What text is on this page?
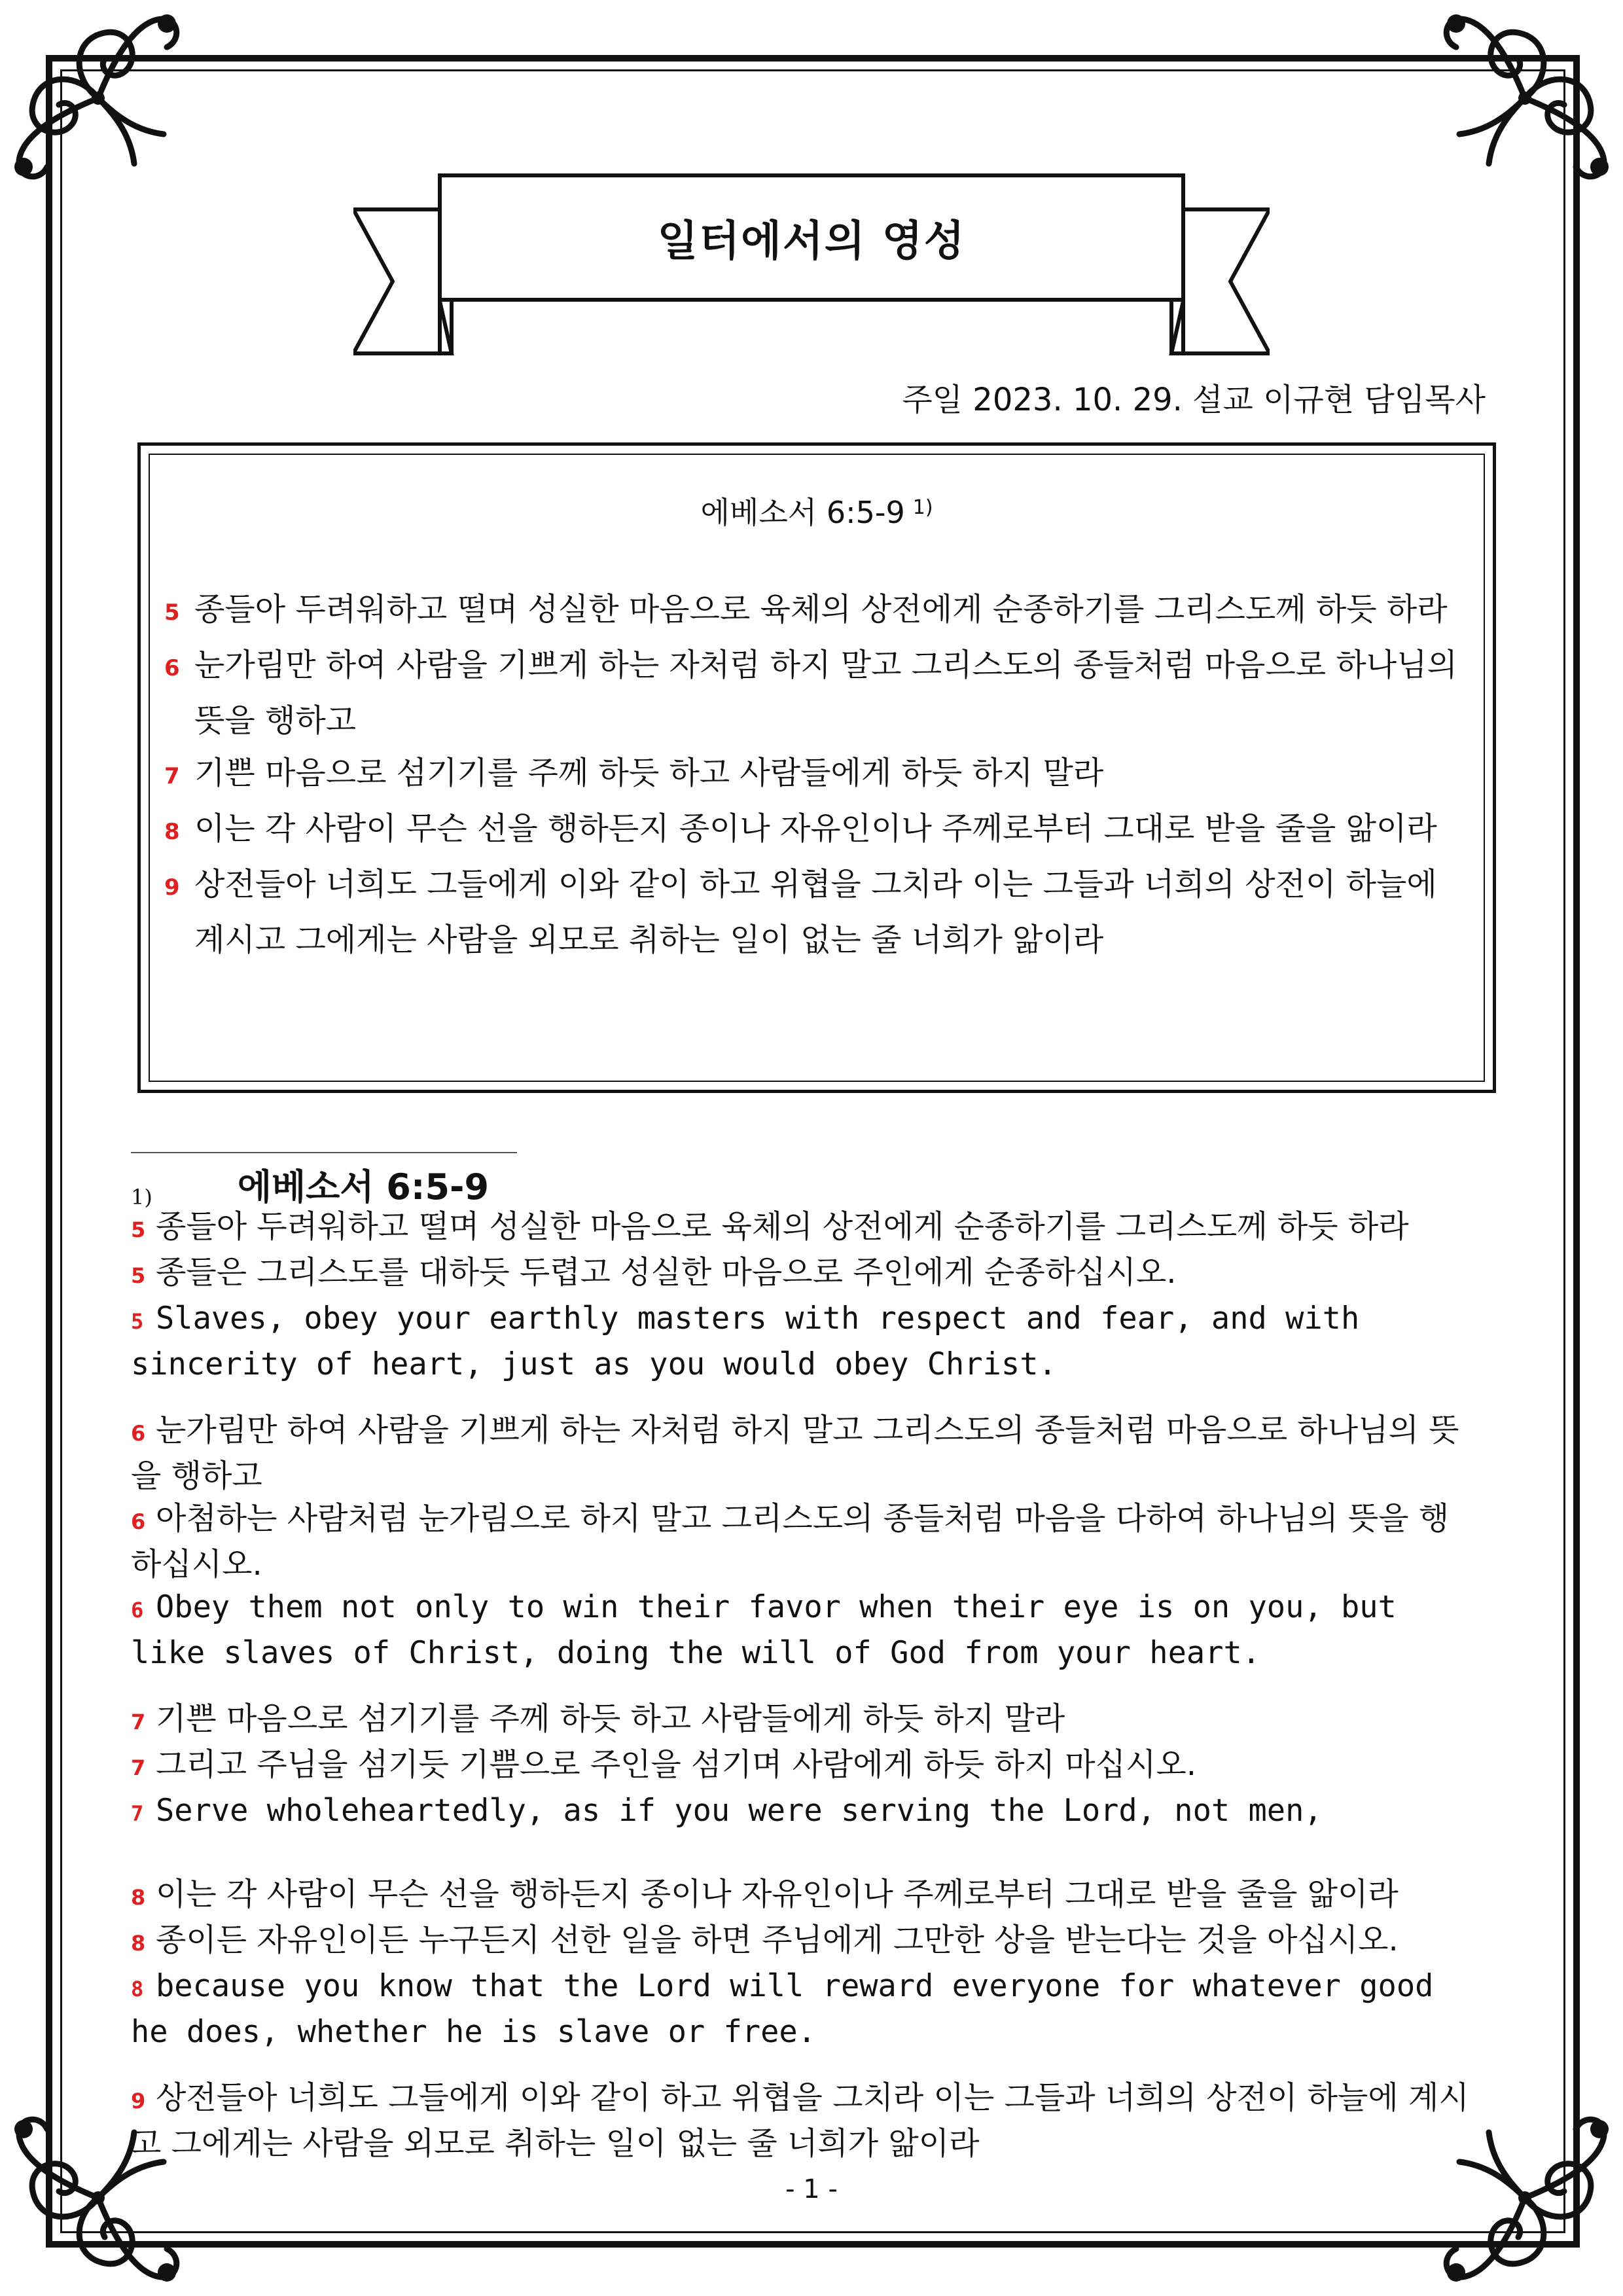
일터에서의 영성
주일 2023. 10. 29. 설교 이규현 담임목사
에베소서 6:5-9 $^{1)}$
5 종들아 두려워하고 떨며 성실한 마음으로 육체의 상전에게 순종하기를 그리스도께 하듯 하라
6 눈가림만 하여 사람을 기쁘게 하는 자처럼 하지 말고 그리스도의 종들처럼 마음으로 하나님의 뜻을 행하고
7 기쁜 마음으로 섬기기를 주께 하듯 하고 사람들에게 하듯 하지 말라
8 이는 각 사람이 무슨 선을 행하든지 종이나 자유인이나 주께로부터 그대로 받을 줄을 앎이라
9 상전들아 너희도 그들에게 이와 같이 하고 위협을 그치라 이는 그들과 너희의 상전이 하늘에 계시고 그에게는 사람을 외모로 취하는 일이 없는 줄 너희가 앎이라
1) 에베소서 6:5-9
5 종들아 두려워하고 떨며 성실한 마음으로 육체의 상전에게 순종하기를 그리스도께 하듯 하라
5 종들은 그리스도를 대하듯 두렵고 성실한 마음으로 주인에게 순종하십시오.
5 Slaves, obey your earthly masters with respect and fear, and with sincerity of heart, just as you would obey Christ.
6 눈가림만 하여 사람을 기쁘게 하는 자처럼 하지 말고 그리스도의 종들처럼 마음으로 하나님의 뜻을 행하고
6 아첨하는 사람처럼 눈가림으로 하지 말고 그리스도의 종들처럼 마음을 다하여 하나님의 뜻을 행하십시오.
6 Obey them not only to win their favor when their eye is on you, but like slaves of Christ, doing the will of God from your heart.
7 기쁜 마음으로 섬기기를 주께 하듯 하고 사람들에게 하듯 하지 말라
7 그리고 주님을 섬기듯 기쁨으로 주인을 섬기며 사람에게 하듯 하지 마십시오.
7 Serve wholeheartedly, as if you were serving the Lord, not men,
8 이는 각 사람이 무슨 선을 행하든지 종이나 자유인이나 주께로부터 그대로 받을 줄을 앎이라
8 종이든 자유인이든 누구든지 선한 일을 하면 주님에게 그만한 상을 받는다는 것을 아십시오.
8 because you know that the Lord will reward everyone for whatever good he does, whether he is slave or free.
9 상전들아 너희도 그들에게 이와 같이 하고 위협을 그치라 이는 그들과 너희의 상전이 하늘에 계시고 그에게는 사람을 외모로 취하는 일이 없는 줄 너희가 앎이라
- 1 -
